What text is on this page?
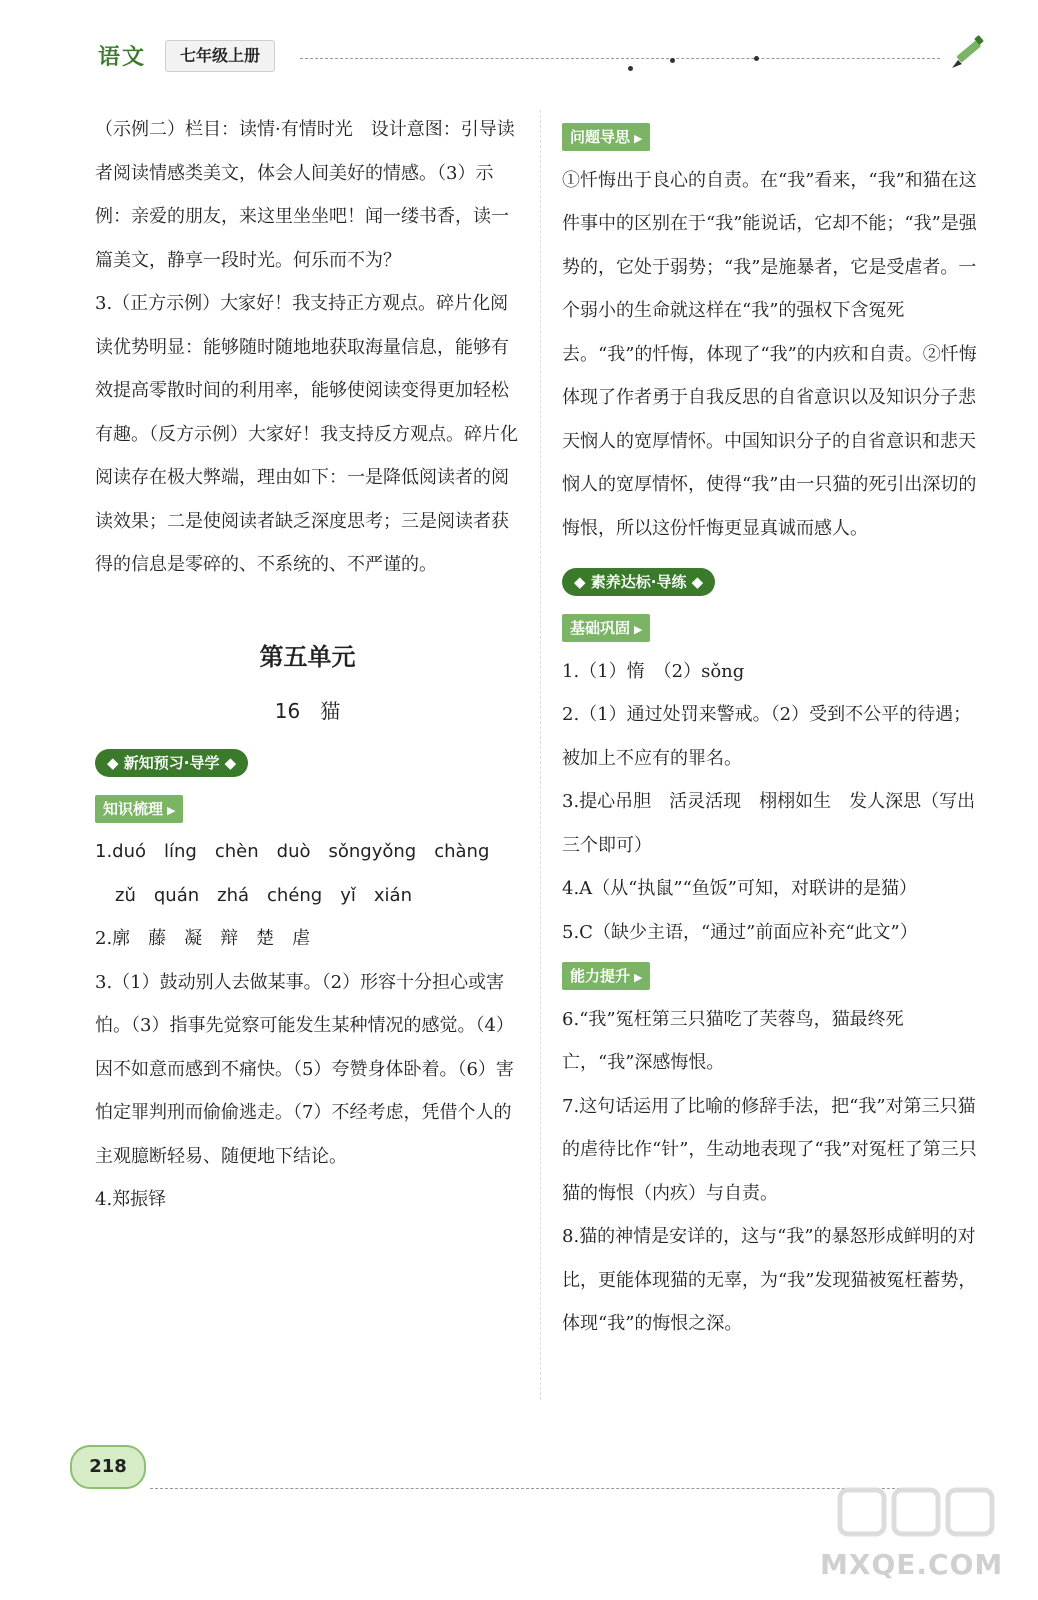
语文	七年级上册

（示例二）栏目：读情·有情时光　设计意图：引导读者阅读情感类美文，体会人间美好的情感。（3）示例：亲爱的朋友，来这里坐坐吧！闻一缕书香，读一篇美文，静享一段时光。何乐而不为？

3.（正方示例）大家好！我支持正方观点。碎片化阅读优势明显：能够随时随地地获取海量信息，能够有效提高零散时间的利用率，能够使阅读变得更加轻松有趣。（反方示例）大家好！我支持反方观点。碎片化阅读存在极大弊端，理由如下：一是降低阅读者的阅读效果；二是使阅读者缺乏深度思考；三是阅读者获得的信息是零碎的、不系统的、不严谨的。

第五单元
16　猫
◆ 新知预习·导学 ◆
知识梳理 ▶

1.duó　líng　chèn　duò　sǒngyǒng　chàng

zǔ　quán　zhá　chéng　yǐ　xián

2.廓　藤　凝　辩　楚　虐

3.（1）鼓动别人去做某事。（2）形容十分担心或害怕。（3）指事先觉察可能发生某种情况的感觉。（4）因不如意而感到不痛快。（5）夸赞身体卧着。（6）害怕定罪判刑而偷偷逃走。（7）不经考虑，凭借个人的主观臆断轻易、随便地下结论。

4.郑振铎

问题导思 ▶

①忏悔出于良心的自责。在“我”看来，“我”和猫在这件事中的区别在于“我”能说话，它却不能；“我”是强势的，它处于弱势；“我”是施暴者，它是受虐者。一个弱小的生命就这样在“我”的强权下含冤死去。“我”的忏悔，体现了“我”的内疚和自责。②忏悔体现了作者勇于自我反思的自省意识以及知识分子悲天悯人的宽厚情怀。中国知识分子的自省意识和悲天悯人的宽厚情怀，使得“我”由一只猫的死引出深切的悔恨，所以这份忏悔更显真诚而感人。

◆ 素养达标·导练 ◆
基础巩固 ▶

1.（1）惰　（2）sǒng

2.（1）通过处罚来警戒。（2）受到不公平的待遇；被加上不应有的罪名。

3.提心吊胆　活灵活现　栩栩如生　发人深思（写出三个即可）

4.A（从“执鼠”“鱼饭”可知，对联讲的是猫）

5.C（缺少主语，“通过”前面应补充“此文”）

能力提升 ▶

6.“我”冤枉第三只猫吃了芙蓉鸟，猫最终死亡，“我”深感悔恨。

7.这句话运用了比喻的修辞手法，把“我”对第三只猫的虐待比作“针”，生动地表现了“我”对冤枉了第三只猫的悔恨（内疚）与自责。

8.猫的神情是安详的，这与“我”的暴怒形成鲜明的对比，更能体现猫的无辜，为“我”发现猫被冤枉蓄势，体现“我”的悔恨之深。

218
MXQE.COM
